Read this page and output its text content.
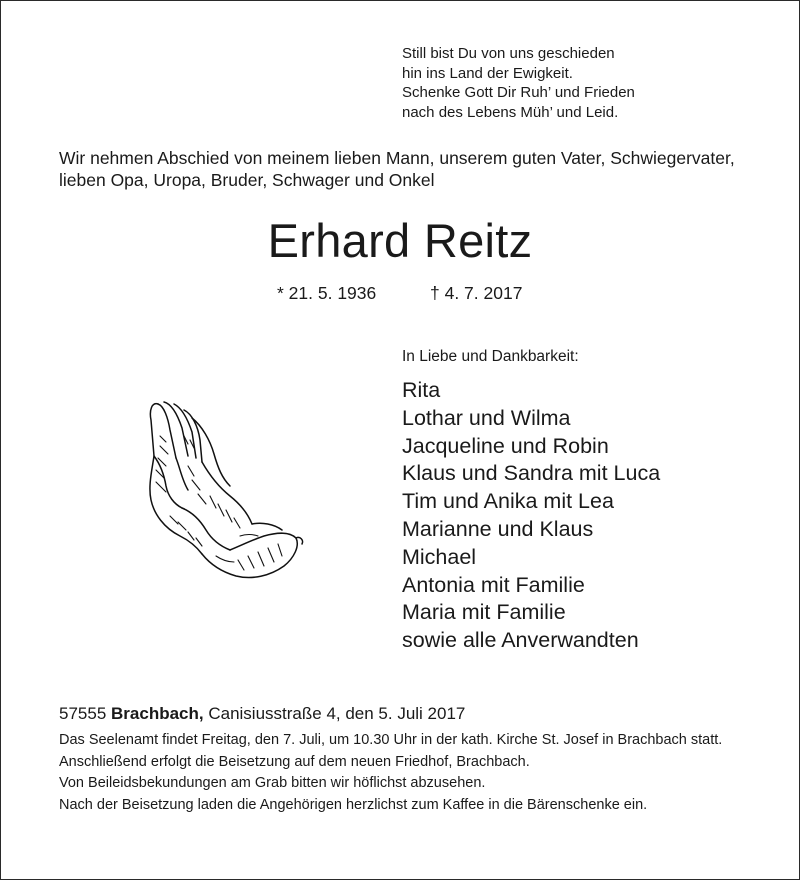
Still bist Du von uns geschieden
hin ins Land der Ewigkeit.
Schenke Gott Dir Ruh’ und Frieden
nach des Lebens Müh’ und Leid.
Wir nehmen Abschied von meinem lieben Mann, unserem guten Vater, Schwiegervater,
lieben Opa, Uropa, Bruder, Schwager und Onkel
Erhard Reitz
* 21. 5. 1936	† 4. 7. 2017
In Liebe und Dankbarkeit:
Rita
Lothar und Wilma
Jacqueline und Robin
Klaus und Sandra mit Luca
Tim und Anika mit Lea
Marianne und Klaus
Michael
Antonia mit Familie
Maria mit Familie
sowie alle Anverwandten
57555 Brachbach, Canisiusstraße 4, den 5. Juli 2017

Das Seelenamt findet Freitag, den 7. Juli, um 10.30 Uhr in der kath. Kirche St. Josef in Brachbach statt.

Anschließend erfolgt die Beisetzung auf dem neuen Friedhof, Brachbach.

Von Beileidsbekundungen am Grab bitten wir höflichst abzusehen.

Nach der Beisetzung laden die Angehörigen herzlichst zum Kaffee in die Bärenschenke ein.
